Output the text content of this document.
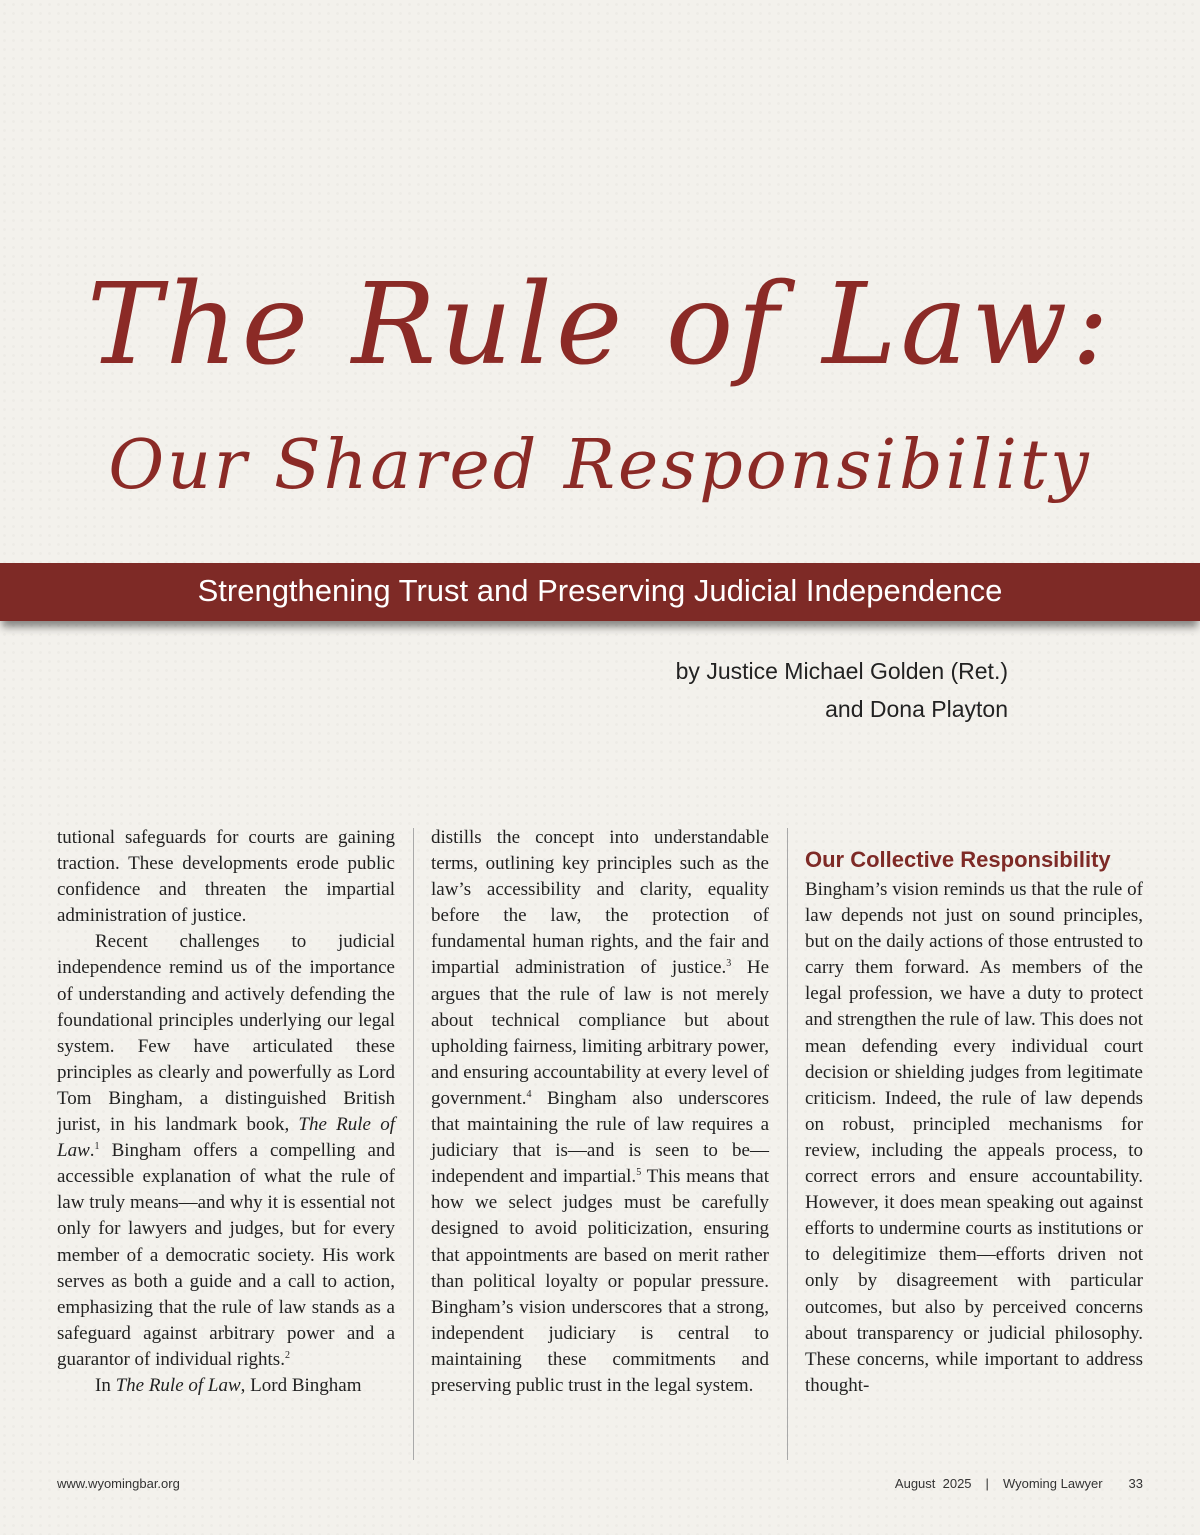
The Rule of Law:
Our Shared Responsibility
Strengthening Trust and Preserving Judicial Independence
by Justice Michael Golden (Ret.)
and Dona Playton

tutional safeguards for courts are gaining traction. These developments erode public confidence and threaten the impartial administration of justice.

Recent challenges to judicial independence remind us of the importance of understanding and actively defending the foundational principles underlying our legal system. Few have articulated these principles as clearly and powerfully as Lord Tom Bingham, a distinguished British jurist, in his landmark book, The Rule of Law.$^1$ Bingham offers a compelling and accessible explanation of what the rule of law truly means—and why it is essential not only for lawyers and judges, but for every member of a democratic society. His work serves as both a guide and a call to action, emphasizing that the rule of law stands as a safeguard against arbitrary power and a guarantor of individual rights.$^2$

In The Rule of Law, Lord Bingham

distills the concept into understandable terms, outlining key principles such as the law’s accessibility and clarity, equality before the law, the protection of fundamental human rights, and the fair and impartial administration of justice.$^3$ He argues that the rule of law is not merely about technical compliance but about upholding fairness, limiting arbitrary power, and ensuring accountability at every level of government.$^4$ Bingham also underscores that maintaining the rule of law requires a judiciary that is—and is seen to be—independent and impartial.$^5$ This means that how we select judges must be carefully designed to avoid politicization, ensuring that appointments are based on merit rather than political loyalty or popular pressure. Bingham’s vision underscores that a strong, independent judiciary is central to maintaining these commitments and preserving public trust in the legal system.

Our Collective Responsibility

Bingham’s vision reminds us that the rule of law depends not just on sound principles, but on the daily actions of those entrusted to carry them forward. As members of the legal profession, we have a duty to protect and strengthen the rule of law. This does not mean defending every individual court decision or shielding judges from legitimate criticism. Indeed, the rule of law depends on robust, principled mechanisms for review, including the appeals process, to correct errors and ensure accountability. However, it does mean speaking out against efforts to undermine courts as institutions or to delegitimize them—efforts driven not only by disagreement with particular outcomes, but also by perceived concerns about transparency or judicial philosophy. These concerns, while important to address thought-

www.wyomingbar.org	August  2025 | Wyoming Lawyer 33
